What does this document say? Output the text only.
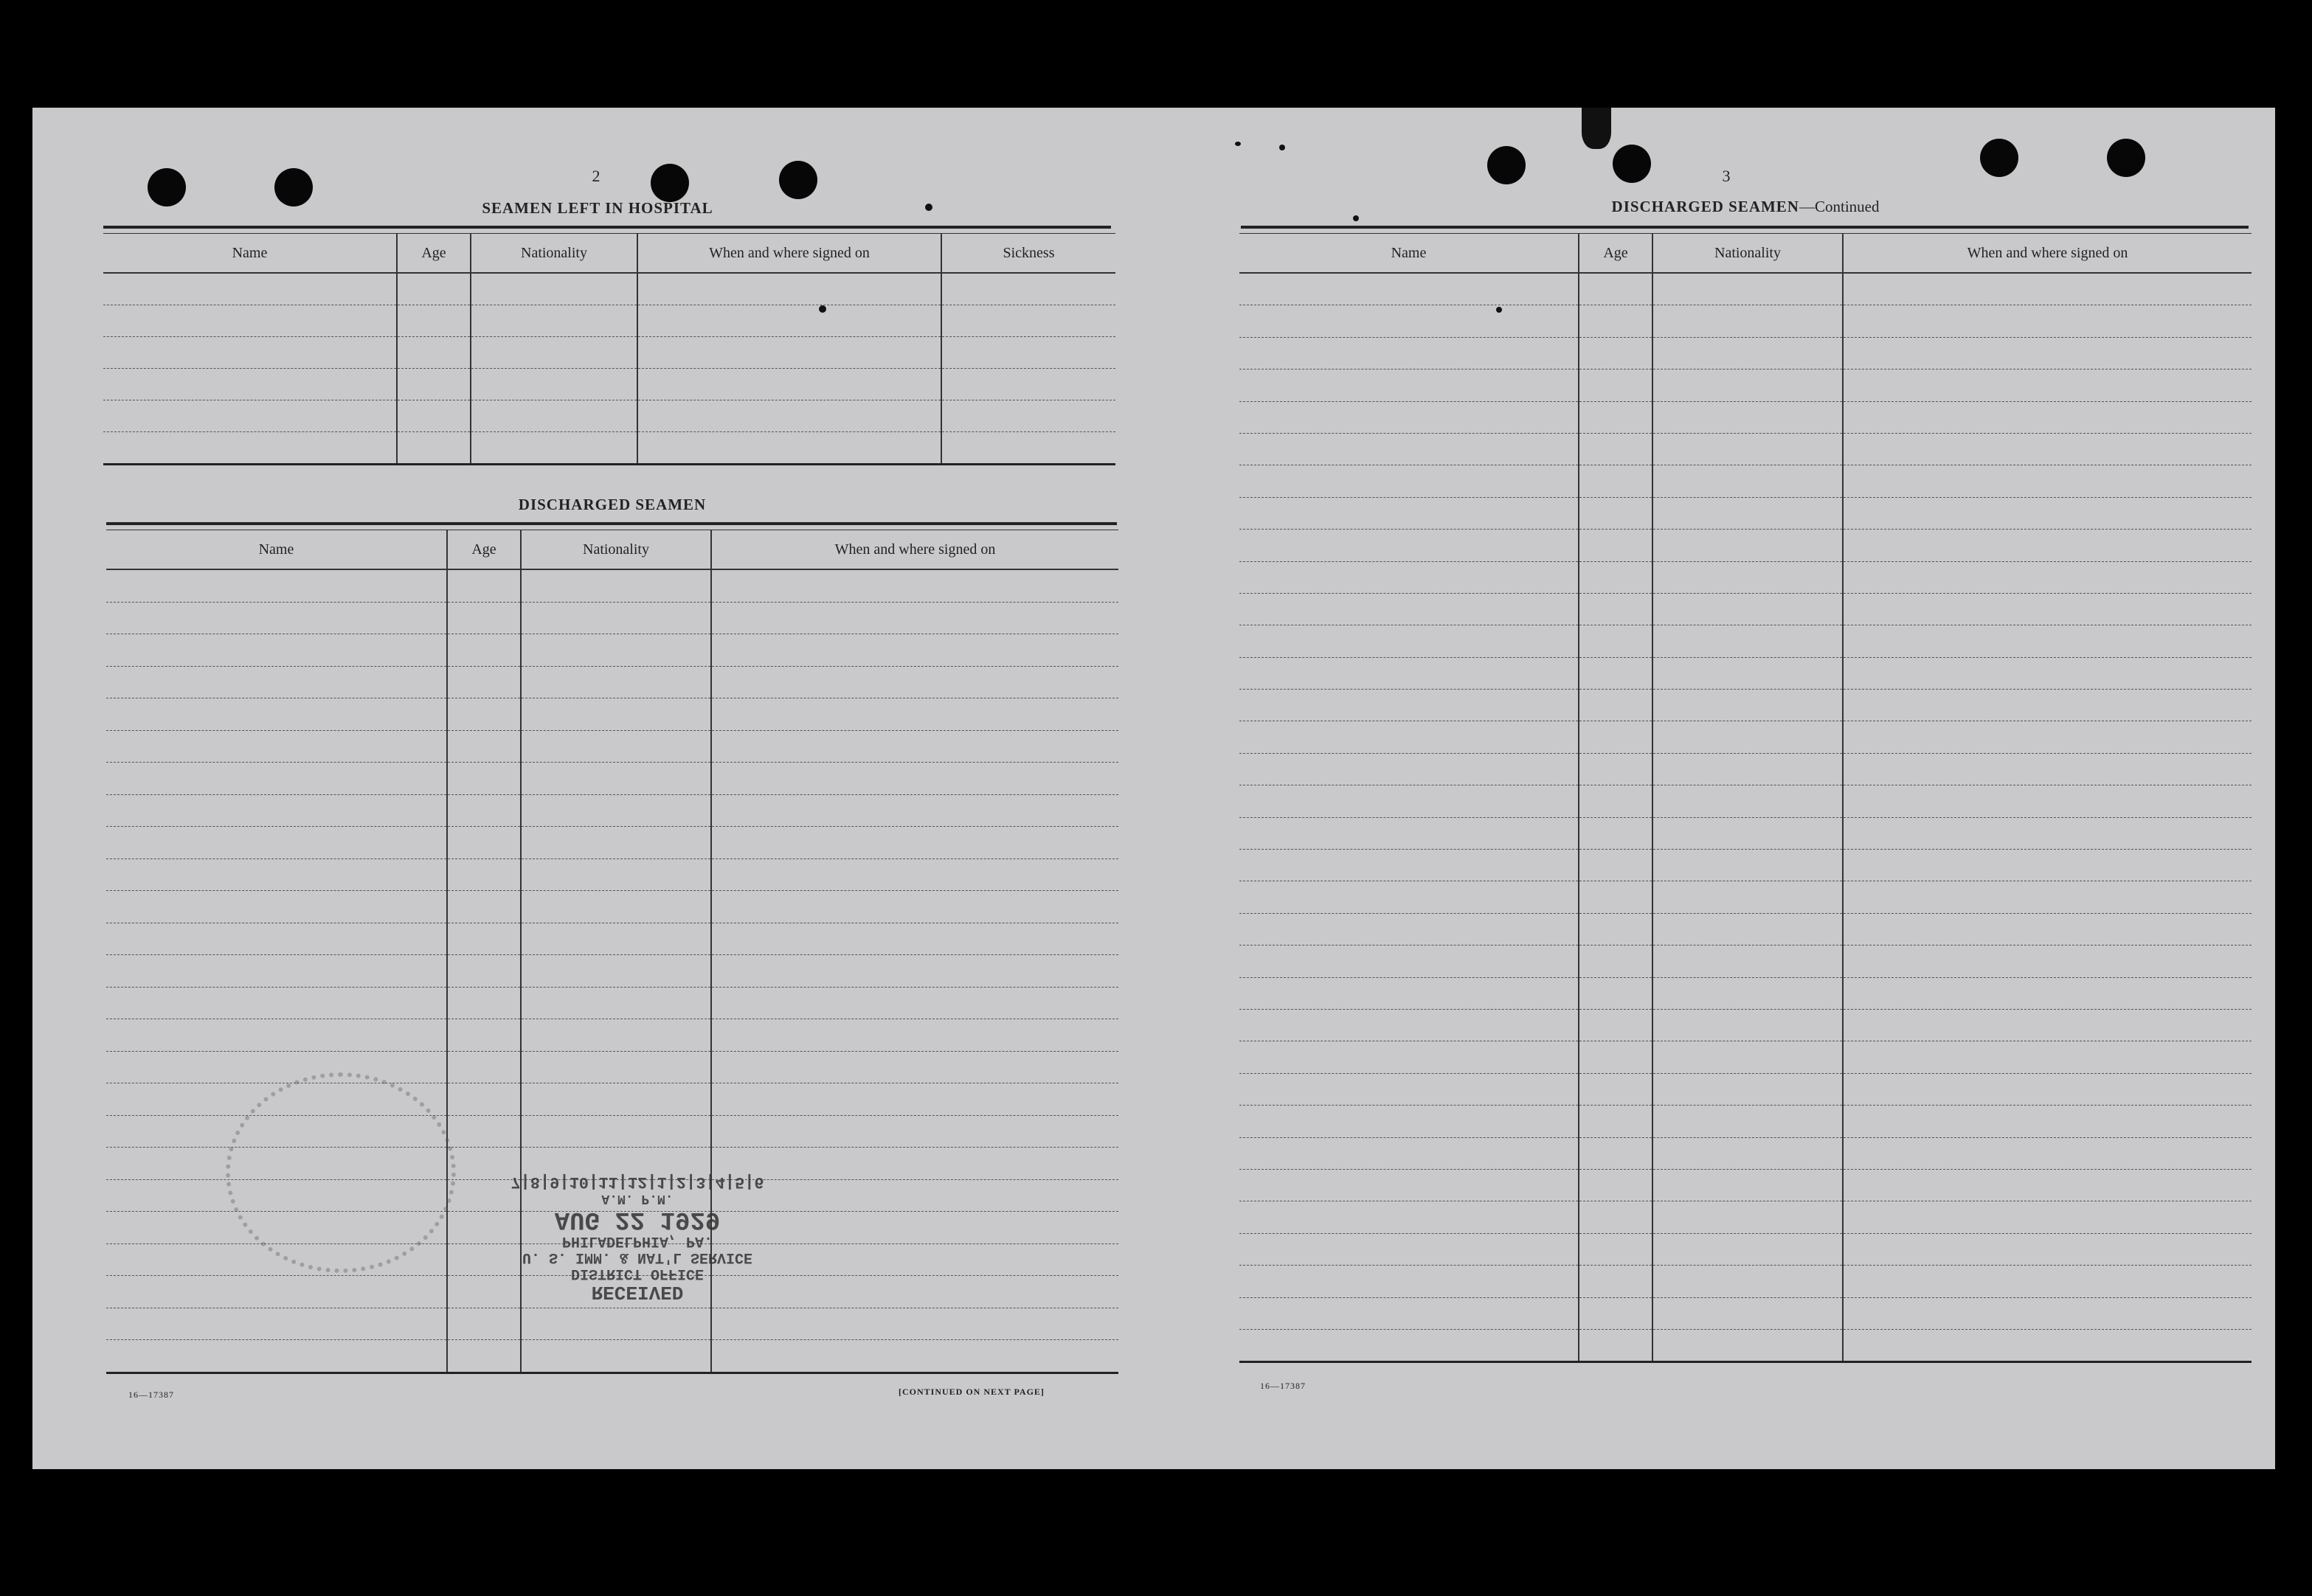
2
SEAMEN LEFT IN HOSPITAL
Name	Age	Nationality	When and where signed on	Sickness

DISCHARGED SEAMEN
Name	Age	Nationality	When and where signed on

16—17387	[CONTINUED ON NEXT PAGE]
3
DISCHARGED SEAMEN—Continued
Name	Age	Nationality	When and where signed on

16—17387
RECEIVED
DISTRICT OFFICE
U. S. IMM. & NAT'L SERVICE
PHILADELPHIA, PA.
AUG 22 1929
A.M. P.M.
7|8|9|10|11|12|1|2|3|4|5|6
